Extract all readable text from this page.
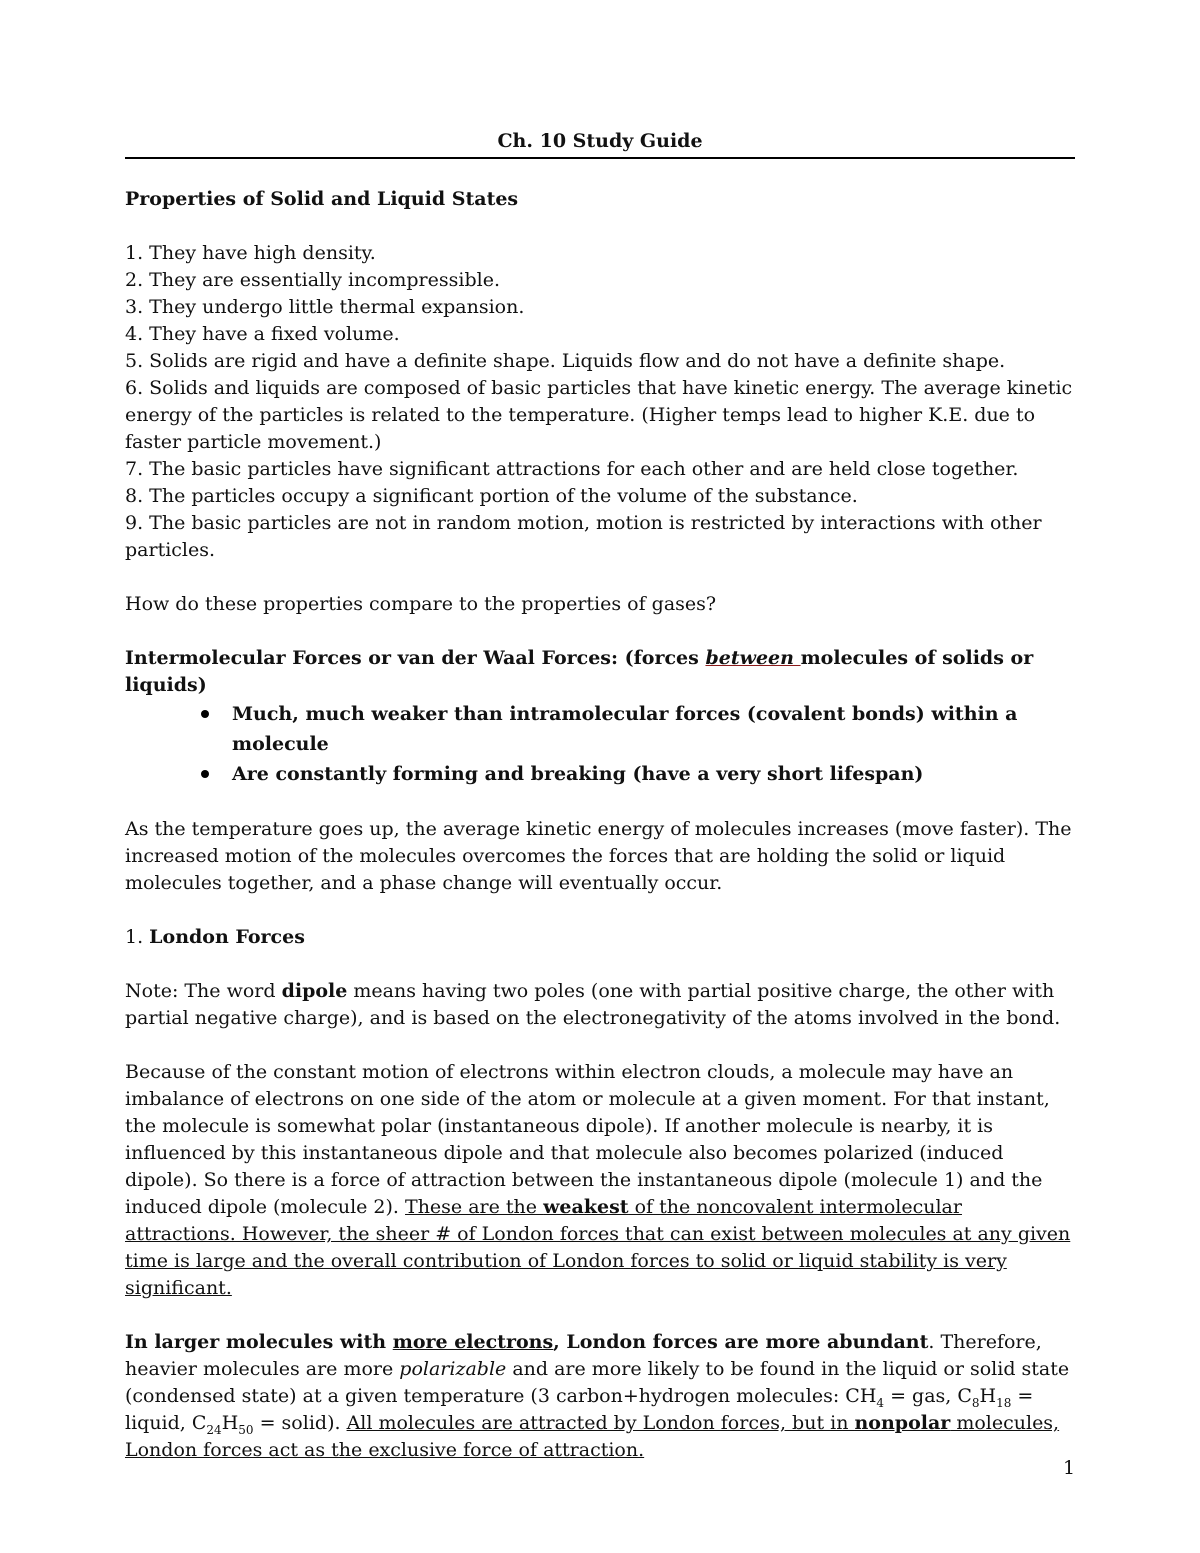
Ch. 10 Study Guide
Properties of Solid and Liquid States
1. They have high density.
2. They are essentially incompressible.
3. They undergo little thermal expansion.
4. They have a fixed volume.
5. Solids are rigid and have a definite shape. Liquids flow and do not have a definite shape.
6. Solids and liquids are composed of basic particles that have kinetic energy. The average kinetic energy of the particles is related to the temperature. (Higher temps lead to higher K.E. due to faster particle movement.)
7. The basic particles have significant attractions for each other and are held close together.
8. The particles occupy a significant portion of the volume of the substance.
9. The basic particles are not in random motion, motion is restricted by interactions with other particles.

How do these properties compare to the properties of gases?

Intermolecular Forces or van der Waal Forces: (forces between molecules of solids or liquids)
Much, much weaker than intramolecular forces (covalent bonds) within a molecule
Are constantly forming and breaking (have a very short lifespan)

As the temperature goes up, the average kinetic energy of molecules increases (move faster). The increased motion of the molecules overcomes the forces that are holding the solid or liquid molecules together, and a phase change will eventually occur.

1. London Forces

Note: The word dipole means having two poles (one with partial positive charge, the other with partial negative charge), and is based on the electronegativity of the atoms involved in the bond.

Because of the constant motion of electrons within electron clouds, a molecule may have an imbalance of electrons on one side of the atom or molecule at a given moment. For that instant, the molecule is somewhat polar (instantaneous dipole). If another molecule is nearby, it is influenced by this instantaneous dipole and that molecule also becomes polarized (induced dipole). So there is a force of attraction between the instantaneous dipole (molecule 1) and the induced dipole (molecule 2). These are the weakest of the noncovalent intermolecular attractions. However, the sheer # of London forces that can exist between molecules at any given time is large and the overall contribution of London forces to solid or liquid stability is very significant.

In larger molecules with more electrons, London forces are more abundant. Therefore, heavier molecules are more polarizable and are more likely to be found in the liquid or solid state (condensed state) at a given temperature (3 carbon+hydrogen molecules: $CH_4$ = gas, $C_8H_{18}$ = liquid, $C_{24}H_{50}$ = solid). All molecules are attracted by London forces, but in nonpolar molecules, London forces act as the exclusive force of attraction.

1
